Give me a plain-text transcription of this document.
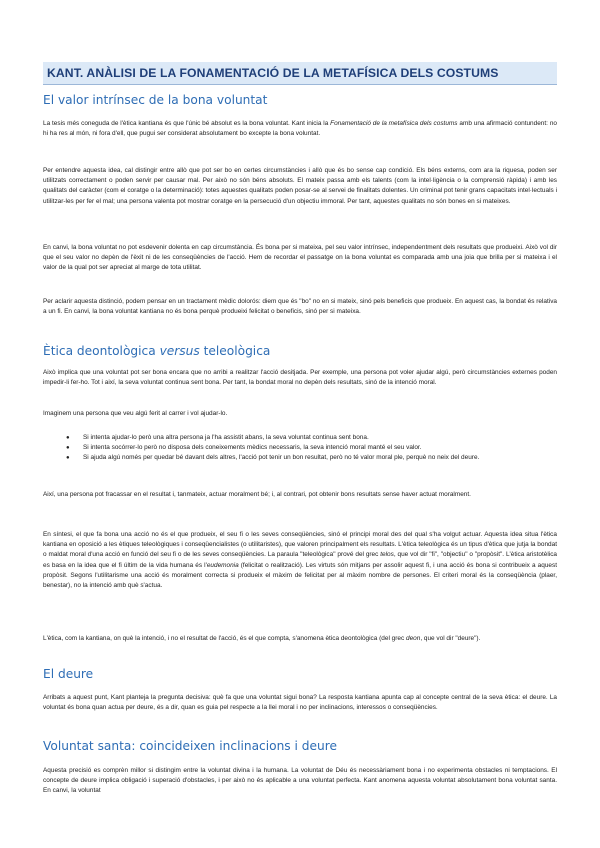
KANT. ANÀLISI DE LA FONAMENTACIÓ DE LA METAFÍSICA DELS COSTUMS
El valor intrínsec de la bona voluntat

La tesis més coneguda de l'ètica kantiana és que l'únic bé absolut es la bona voluntat. Kant inicia la Fonamentació de la metafísica dels costums amb una afirmació contundent: no hi ha res al món, ni fora d'ell, que pugui ser considerat absolutament bo excepte la bona voluntat.

Per entendre aquesta idea, cal distingir entre allò que pot ser bo en certes circumstàncies i allò que és bo sense cap condició. Els béns externs, com ara la riquesa, poden ser utilitzats correctament o poden servir per causar mal. Per això no són béns absoluts. El mateix passa amb els talents (com la intel·ligència o la comprensió ràpida) i amb les qualitats del caràcter (com el coratge o la determinació): totes aquestes qualitats poden posar-se al servei de finalitats dolentes. Un criminal pot tenir grans capacitats intel·lectuals i utilitzar-les per fer el mal; una persona valenta pot mostrar coratge en la persecució d'un objectiu immoral. Per tant, aquestes qualitats no són bones en si mateixes.

En canvi, la bona voluntat no pot esdevenir dolenta en cap circumstància. És bona per si mateixa, pel seu valor intrínsec, independentment dels resultats que produeixi. Això vol dir que el seu valor no depèn de l'èxit ni de les conseqüències de l'acció. Hem de recordar el passatge on la bona voluntat es comparada amb una joia que brilla per si mateixa i el valor de la qual pot ser apreciat al marge de tota utilitat.

Per aclarir aquesta distinció, podem pensar en un tractament mèdic dolorós: diem que és "bo" no en si mateix, sinó pels beneficis que produeix. En aquest cas, la bondat és relativa a un fi. En canvi, la bona voluntat kantiana no és bona perquè produeixi felicitat o beneficis, sinó per si mateixa.

Ètica deontològica versus teleològica

Això implica que una voluntat pot ser bona encara que no arribi a realitzar l'acció desitjada. Per exemple, una persona pot voler ajudar algú, però circumstàncies externes poden impedir-li fer-ho. Tot i així, la seva voluntat continua sent bona. Per tant, la bondat moral no depèn dels resultats, sinó de la intenció moral.

Imaginem una persona que veu algú ferit al carrer i vol ajudar-lo.

● Si intenta ajudar-lo però una altra persona ja l'ha assistit abans, la seva voluntat continua sent bona.
● Si intenta socórrer-lo però no disposa dels coneixements mèdics necessaris, la seva intenció moral manté el seu valor.
● Si ajuda algú només per quedar bé davant dels altres, l'acció pot tenir un bon resultat, però no té valor moral ple, perquè no neix del deure.

Així, una persona pot fracassar en el resultat i, tanmateix, actuar moralment bé; i, al contrari, pot obtenir bons resultats sense haver actuat moralment.

En síntesi, el que fa bona una acció no és el que produeix, el seu fi o les seves conseqüències, sinó el principi moral des del qual s'ha volgut actuar. Aquesta idea situa l'ètica kantiana en oposició a les ètiques teleològiques i conseqüencialistes (o utilitaristes), que valoren principalment els resultats. L'ètica teleològica és un tipus d'ètica que jutja la bondat o maldat moral d'una acció en funció del seu fi o de les seves conseqüències. La paraula "teleològica" prové del grec telos, que vol dir "fi", "objectiu" o "propòsit". L'ètica aristotèlica es basa en la idea que el fi últim de la vida humana és l'eudemonia (felicitat o realització). Les virtuts són mitjans per assolir aquest fi, i una acció és bona si contribueix a aquest propòsit. Segons l'utilitarisme una acció és moralment correcta si produeix el màxim de felicitat per al màxim nombre de persones. El criteri moral és la conseqüència (plaer, benestar), no la intenció amb què s'actua.

L'ètica, com la kantiana, on què la intenció, i no el resultat de l'acció, és el que compta, s'anomena ètica deontològica (del grec deon, que vol dir "deure").

El deure

Arribats a aquest punt, Kant planteja la pregunta decisiva: què fa que una voluntat sigui bona? La resposta kantiana apunta cap al concepte central de la seva ètica: el deure. La voluntat és bona quan actua per deure, és a dir, quan es guia pel respecte a la llei moral i no per inclinacions, interessos o conseqüències.

Voluntat santa: coincideixen inclinacions i deure

Aquesta precisió es comprèn millor si distingim entre la voluntat divina i la humana. La voluntat de Déu és necessàriament bona i no experimenta obstacles ni temptacions. El concepte de deure implica obligació i superació d'obstacles, i per això no és aplicable a una voluntat perfecta. Kant anomena aquesta voluntat absolutament bona voluntat santa. En canvi, la voluntat
